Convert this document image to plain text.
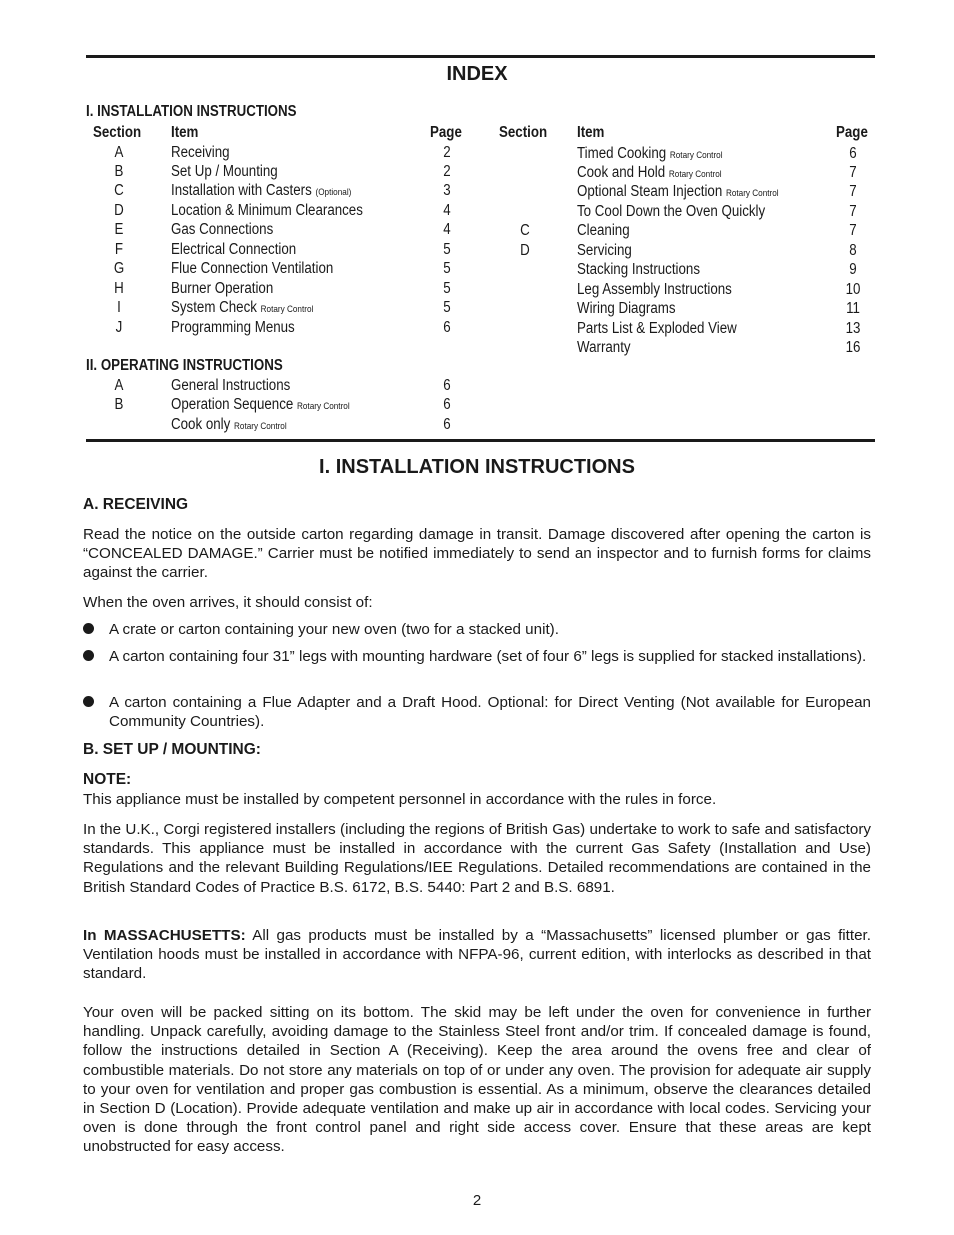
INDEX
I. INSTALLATION INSTRUCTIONS
Section Item	Page Section Item	Page
A	Receiving	2
B	Set Up / Mounting	2
C	Installation with Casters (Optional)	3
D	Location & Minimum Clearances	4
E	Gas Connections	4
F	Electrical Connection	5
G	Flue Connection Ventilation	5
H	Burner Operation	5
I	System Check Rotary Control	5
J	Programming Menus	6
II. OPERATING INSTRUCTIONS
A	General Instructions	6
B	Operation Sequence Rotary Control	6
Cook only Rotary Control	6
Timed Cooking Rotary Control	6
Cook and Hold Rotary Control	7
Optional Steam Injection Rotary Control	7
To Cool Down the Oven Quickly	7
C	Cleaning	7
D	Servicing	8
Stacking Instructions	9
Leg Assembly Instructions	10
Wiring Diagrams	11
Parts List & Exploded View	13
Warranty	16
I. INSTALLATION INSTRUCTIONS
A. RECEIVING
Read the notice on the outside carton regarding damage in transit. Damage discovered after opening the carton is “CONCEALED DAMAGE.” Carrier must be notified immediately to send an inspector and to furnish forms for claims against the carrier.
When the oven arrives, it should consist of:
A crate or carton containing your new oven (two for a stacked unit).
A carton containing four 31” legs with mounting hardware (set of four 6” legs is supplied for stacked installations).
A carton containing a Flue Adapter and a Draft Hood. Optional: for Direct Venting (Not available for European Community Countries).
B. SET UP / MOUNTING:
NOTE:
This appliance must be installed by competent personnel in accordance with the rules in force.
In the U.K., Corgi registered installers (including the regions of British Gas) undertake to work to safe and satisfactory standards. This appliance must be installed in accordance with the current Gas Safety (Installation and Use) Regulations and the relevant Building Regulations/IEE Regulations. Detailed recommendations are contained in the British Standard Codes of Practice B.S. 6172, B.S. 5440: Part 2 and B.S. 6891.
In MASSACHUSETTS: All gas products must be installed by a “Massachusetts” licensed plumber or gas fitter. Ventilation hoods must be installed in accordance with NFPA-96, current edition, with interlocks as described in that standard.
Your oven will be packed sitting on its bottom. The skid may be left under the oven for convenience in further handling. Unpack carefully, avoiding damage to the Stainless Steel front and/or trim. If concealed damage is found, follow the instructions detailed in Section A (Receiving). Keep the area around the ovens free and clear of combustible materials. Do not store any materials on top of or under any oven. The provision for adequate air supply to your oven for ventilation and proper gas combustion is essential. As a minimum, observe the clearances detailed in Section D (Location). Provide adequate ventilation and make up air in accordance with local codes. Servicing your oven is done through the front control panel and right side access cover. Ensure that these areas are kept unobstructed for easy access.
2
